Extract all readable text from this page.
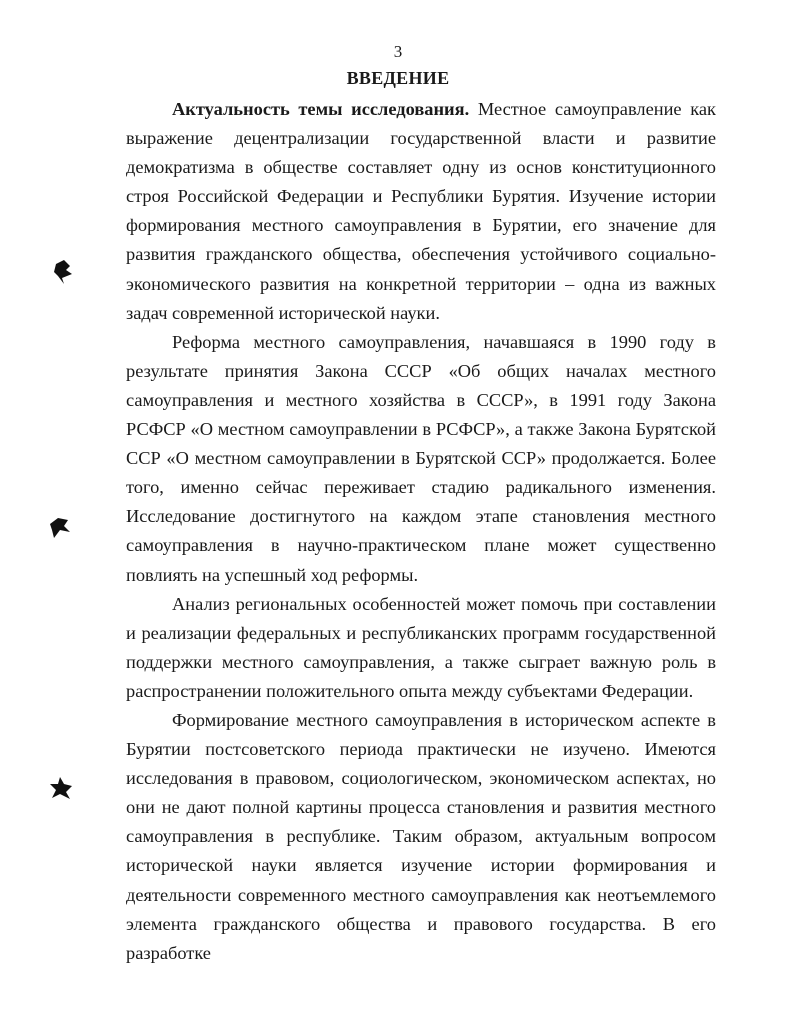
3
ВВЕДЕНИЕ

Актуальность темы исследования. Местное самоуправление как выражение децентрализации государственной власти и развитие демократизма в обществе составляет одну из основ конституционного строя Российской Федерации и Республики Бурятия. Изучение истории формирования местного самоуправления в Бурятии, его значение для развития гражданского общества, обеспечения устойчивого социально-экономического развития на конкретной территории – одна из важных задач современной исторической науки.

Реформа местного самоуправления, начавшаяся в 1990 году в результате принятия Закона СССР «Об общих началах местного самоуправления и местного хозяйства в СССР», в 1991 году Закона РСФСР «О местном самоуправлении в РСФСР», а также Закона Бурятской ССР «О местном самоуправлении в Бурятской ССР» продолжается. Более того, именно сейчас переживает стадию радикального изменения. Исследование достигнутого на каждом этапе становления местного самоуправления в научно-практическом плане может существенно повлиять на успешный ход реформы.

Анализ региональных особенностей может помочь при составлении и реализации федеральных и республиканских программ государственной поддержки местного самоуправления, а также сыграет важную роль в распространении положительного опыта между субъектами Федерации.

Формирование местного самоуправления в историческом аспекте в Бурятии постсоветского периода практически не изучено. Имеются исследования в правовом, социологическом, экономическом аспектах, но они не дают полной картины процесса становления и развития местного самоуправления в республике. Таким образом, актуальным вопросом исторической науки является изучение истории формирования и деятельности современного местного самоуправления как неотъемлемого элемента гражданского общества и правового государства. В его разработке
